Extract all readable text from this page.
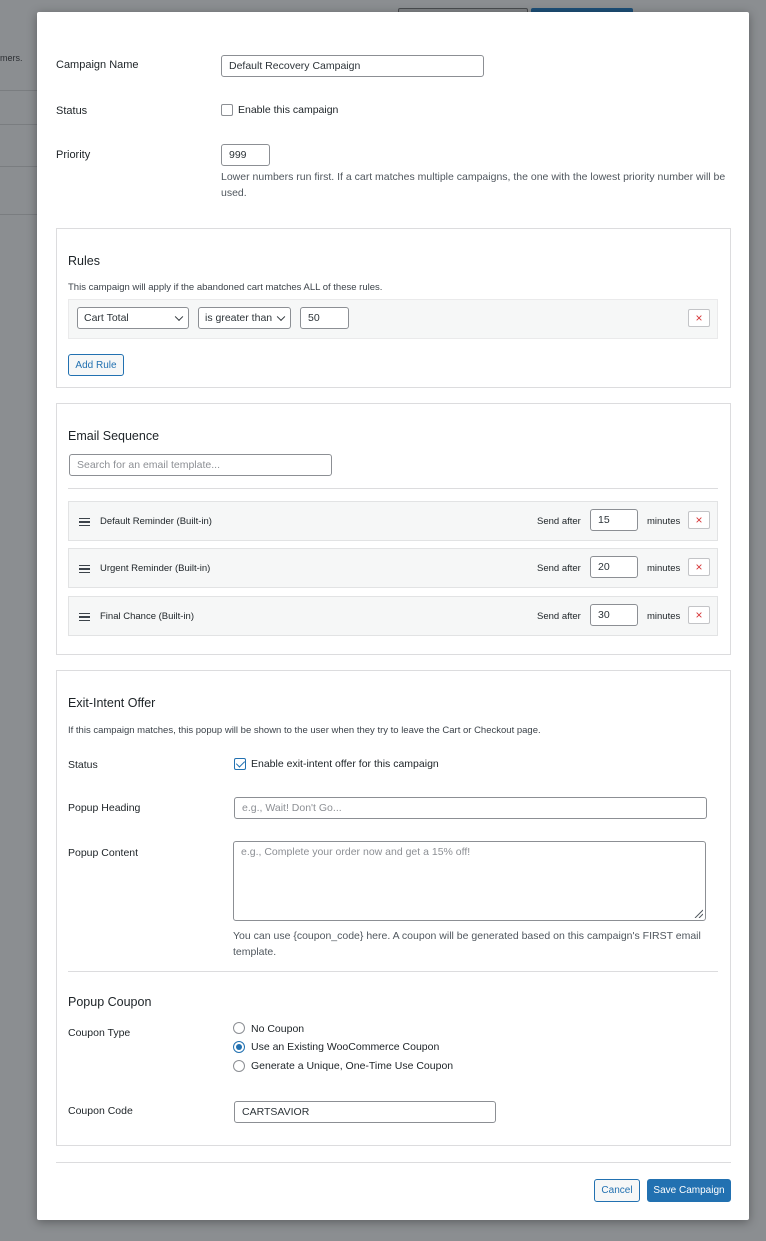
mers.
Campaign Name	Default Recovery Campaign
Status	Enable this campaign
Priority	999
Lower numbers run first. If a cart matches multiple campaigns, the one with the lowest priority number will be used.
Rules
This campaign will apply if the abandoned cart matches ALL of these rules.
Cart Total	is greater than	50	×
Add Rule
Email Sequence
Search for an email template...
Default Reminder (Built-in)	Send after	15	minutes ×
Urgent Reminder (Built-in)	Send after	20	minutes ×
Final Chance (Built-in)	Send after	30	minutes ×
Exit-Intent Offer
If this campaign matches, this popup will be shown to the user when they try to leave the Cart or Checkout page.
Status	Enable exit-intent offer for this campaign
Popup Heading	e.g., Wait! Don't Go...
Popup Content	e.g., Complete your order now and get a 15% off!
You can use {coupon_code} here. A coupon will be generated based on this campaign's FIRST email template.
Popup Coupon
Coupon Type	No Coupon
Use an Existing WooCommerce Coupon
Generate a Unique, One-Time Use Coupon
Coupon Code	CARTSAVIOR
Cancel	Save Campaign
